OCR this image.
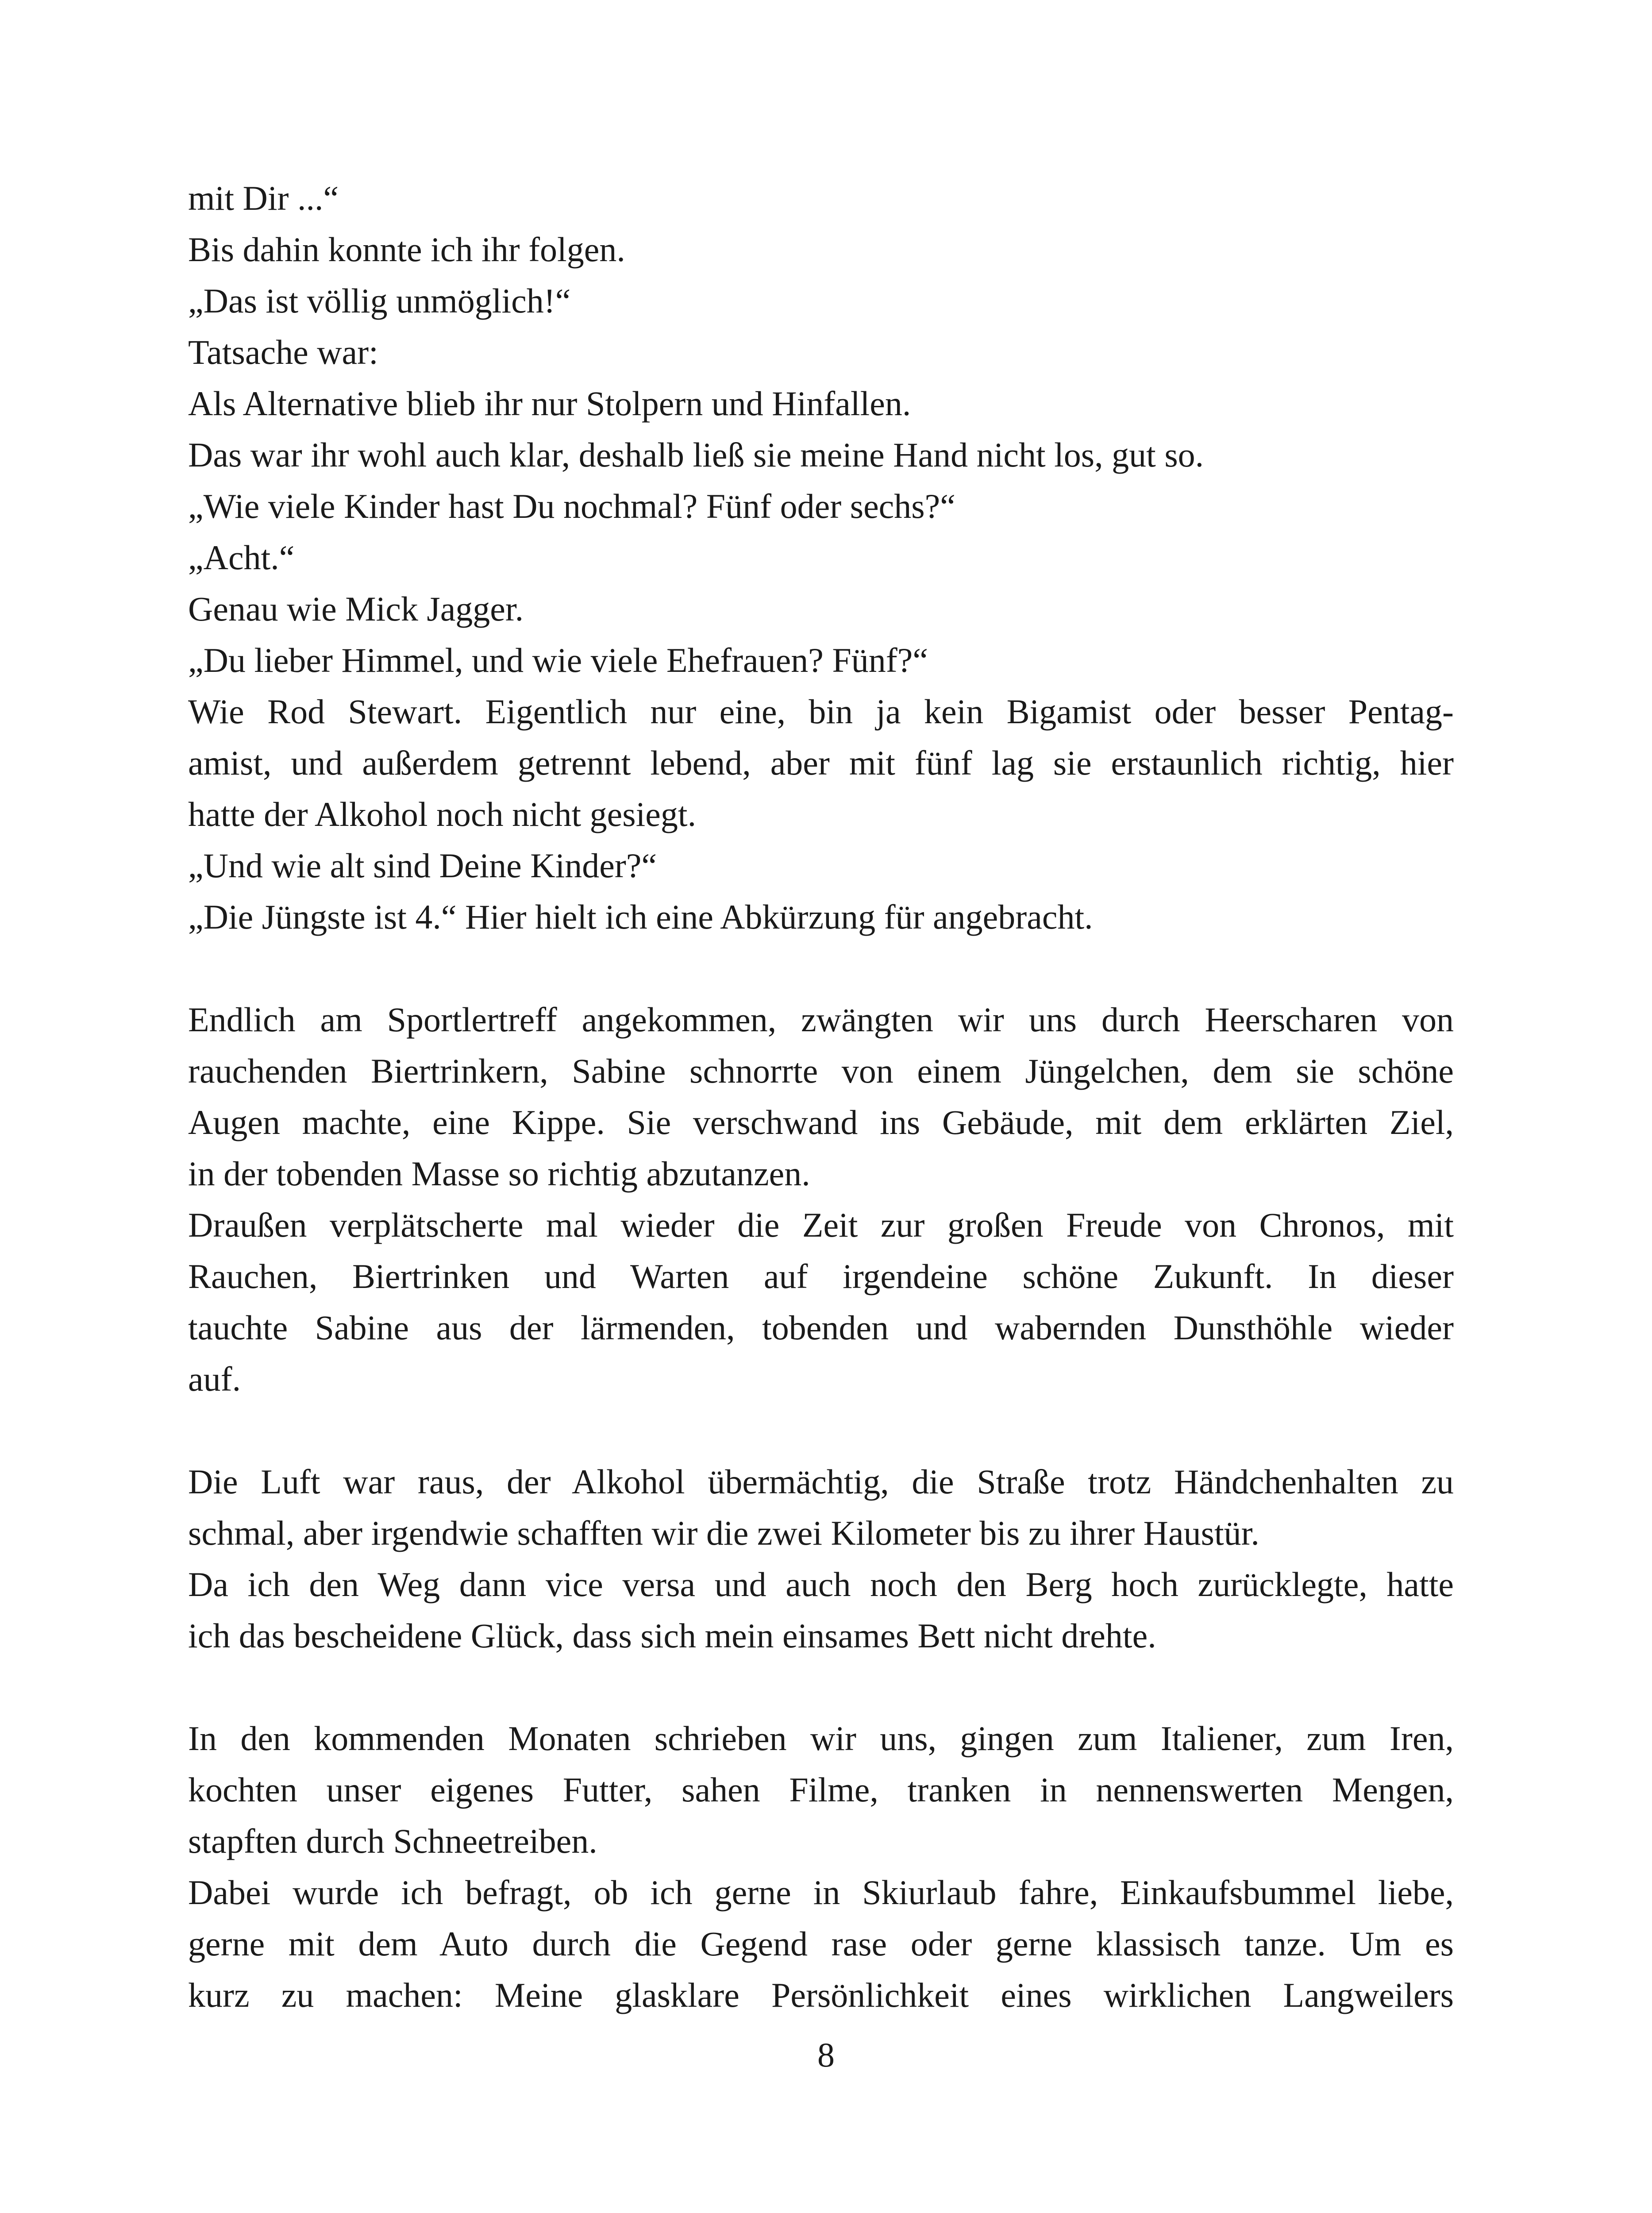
mit Dir ...“
Bis dahin konnte ich ihr folgen.
„Das ist völlig unmöglich!“
Tatsache war:
Als Alternative blieb ihr nur Stolpern und Hinfallen.
Das war ihr wohl auch klar, deshalb ließ sie meine Hand nicht los, gut so.
„Wie viele Kinder hast Du nochmal? Fünf oder sechs?“
„Acht.“
Genau wie Mick Jagger.
„Du lieber Himmel, und wie viele Ehefrauen? Fünf?“
Wie Rod Stewart. Eigentlich nur eine, bin ja kein Bigamist oder besser Pentag-
amist, und außerdem getrennt lebend, aber mit fünf lag sie erstaunlich richtig, hier
hatte der Alkohol noch nicht gesiegt.
„Und wie alt sind Deine Kinder?“
„Die Jüngste ist 4.“ Hier hielt ich eine Abkürzung für angebracht.
Endlich am Sportlertreff angekommen, zwängten wir uns durch Heerscharen von
rauchenden Biertrinkern, Sabine schnorrte von einem Jüngelchen, dem sie schöne
Augen machte, eine Kippe. Sie verschwand ins Gebäude, mit dem erklärten Ziel,
in der tobenden Masse so richtig abzutanzen.
Draußen verplätscherte mal wieder die Zeit zur großen Freude von Chronos, mit
Rauchen, Biertrinken und Warten auf irgendeine schöne Zukunft. In dieser
tauchte Sabine aus der lärmenden, tobenden und wabernden Dunsthöhle wieder
auf.
Die Luft war raus, der Alkohol übermächtig, die Straße trotz Händchenhalten zu
schmal, aber irgendwie schafften wir die zwei Kilometer bis zu ihrer Haustür.
Da ich den Weg dann vice versa und auch noch den Berg hoch zurücklegte, hatte
ich das bescheidene Glück, dass sich mein einsames Bett nicht drehte.
In den kommenden Monaten schrieben wir uns, gingen zum Italiener, zum Iren,
kochten unser eigenes Futter, sahen Filme, tranken in nennenswerten Mengen,
stapften durch Schneetreiben.
Dabei wurde ich befragt, ob ich gerne in Skiurlaub fahre, Einkaufsbummel liebe,
gerne mit dem Auto durch die Gegend rase oder gerne klassisch tanze. Um es
kurz zu machen: Meine glasklare Persönlichkeit eines wirklichen Langweilers
8
